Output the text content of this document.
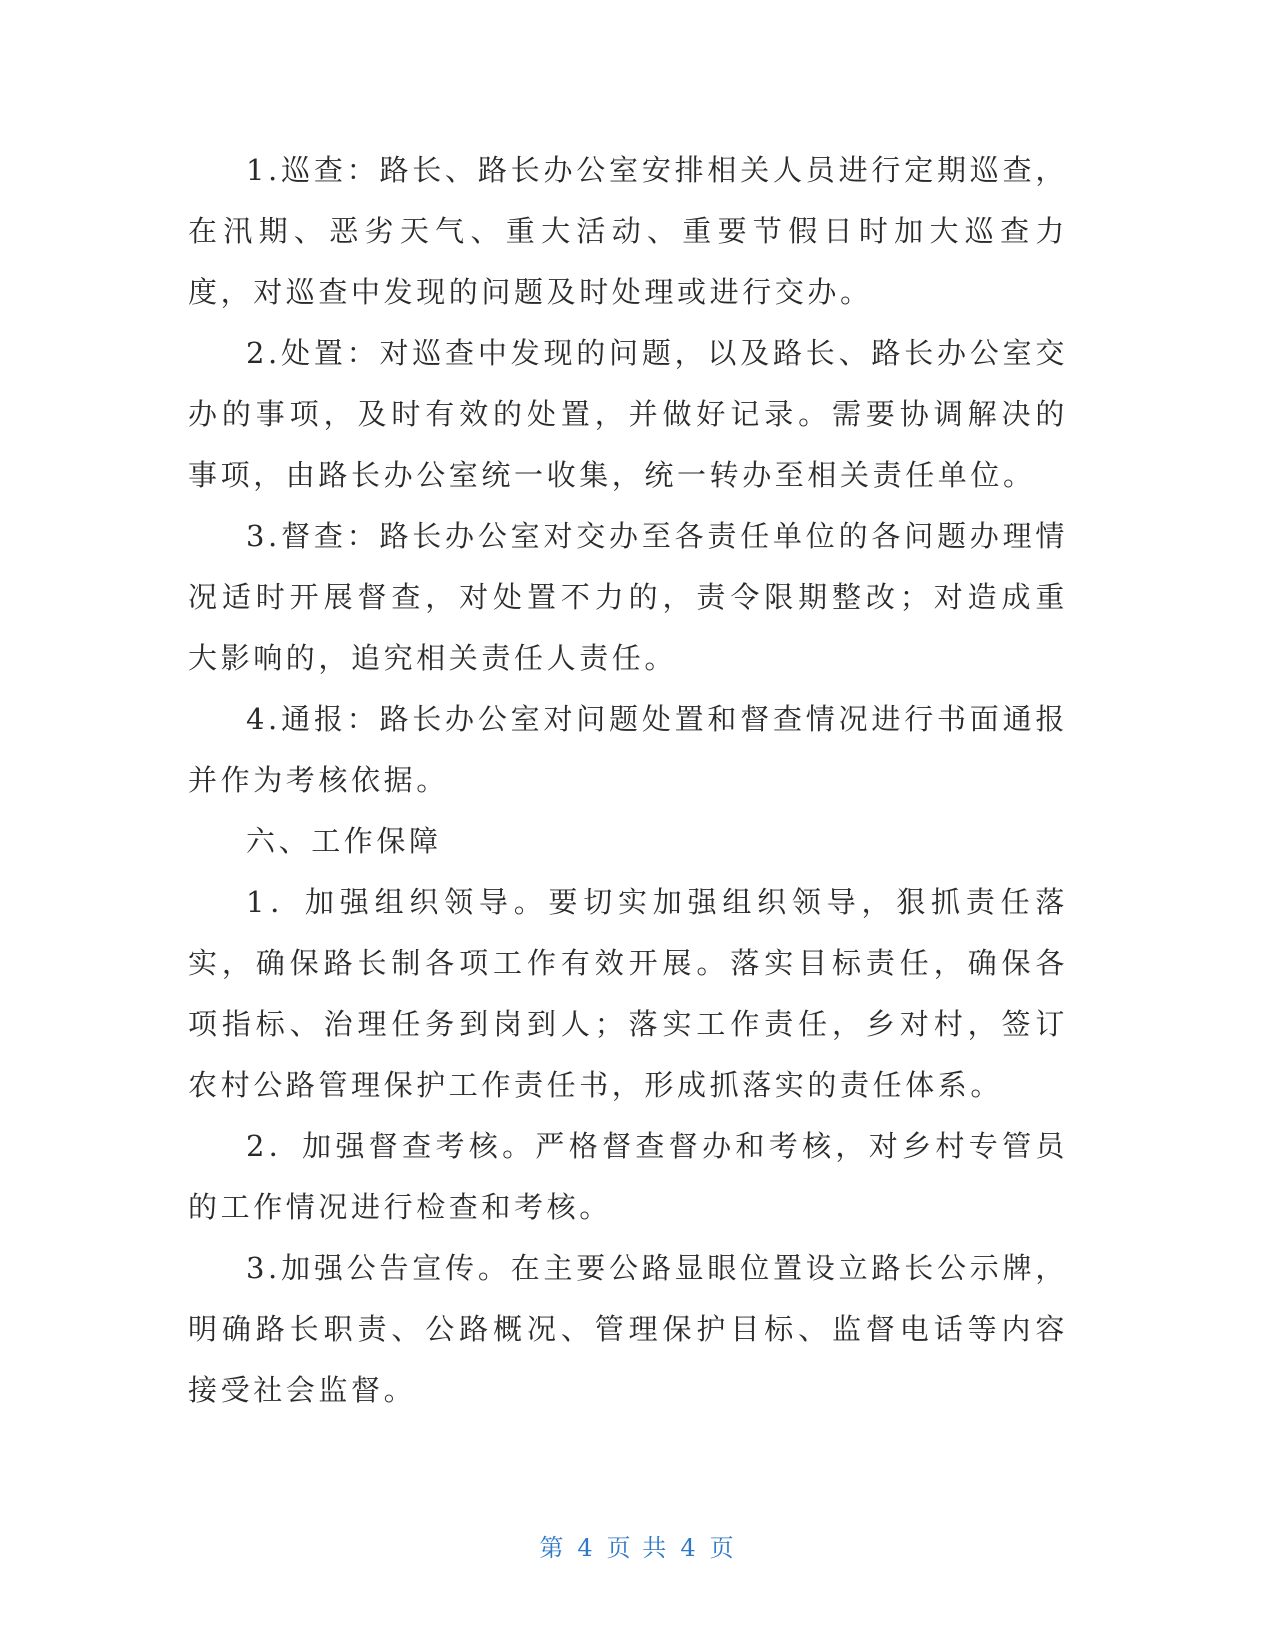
1.巡查：路长、路长办公室安排相关人员进行定期巡查，在汛期、恶劣天气、重大活动、重要节假日时加大巡查力度，对巡查中发现的问题及时处理或进行交办。

2.处置：对巡查中发现的问题，以及路长、路长办公室交办的事项，及时有效的处置，并做好记录。需要协调解决的事项，由路长办公室统一收集，统一转办至相关责任单位。

3.督查：路长办公室对交办至各责任单位的各问题办理情况适时开展督查，对处置不力的，责令限期整改；对造成重大影响的，追究相关责任人责任。

4.通报：路长办公室对问题处置和督查情况进行书面通报并作为考核依据。

六、工作保障

1．加强组织领导。要切实加强组织领导，狠抓责任落实，确保路长制各项工作有效开展。落实目标责任，确保各项指标、治理任务到岗到人；落实工作责任，乡对村，签订农村公路管理保护工作责任书，形成抓落实的责任体系。

2．加强督查考核。严格督查督办和考核，对乡村专管员的工作情况进行检查和考核。

3.加强公告宣传。在主要公路显眼位置设立路长公示牌，明确路长职责、公路概况、管理保护目标、监督电话等内容接受社会监督。

第 4 页 共 4 页
